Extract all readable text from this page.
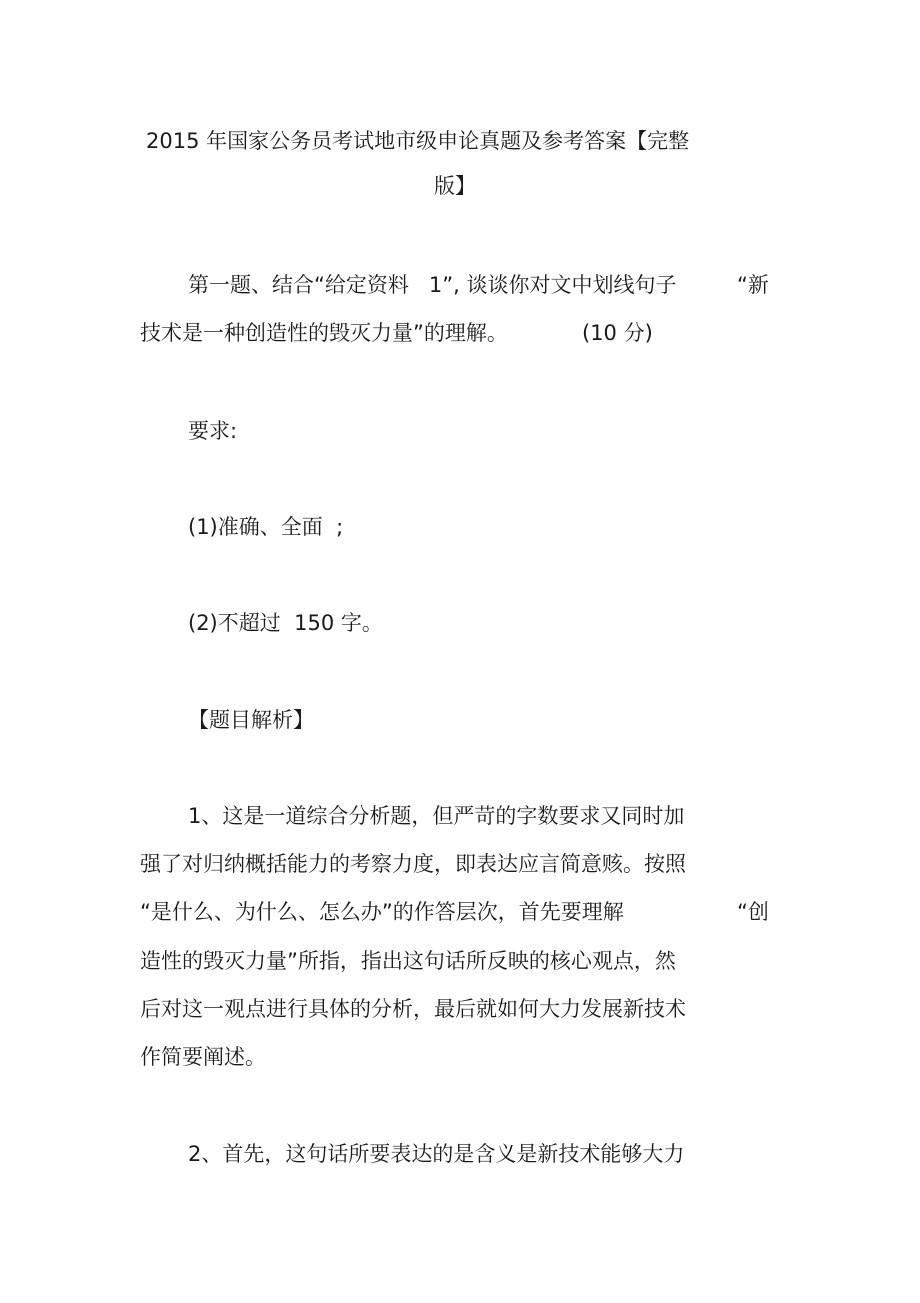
2015 年国家公务员考试地市级申论真题及参考答案【完整
版】
第一题、结合“给定资料   1”, 谈谈你对文中划线句子	“新
技术是一种创造性的毁灭力量”的理解。	(10 分)
要求:
(1)准确、全面  ;
(2)不超过  150 字。
【题目解析】
1、这是一道综合分析题，但严苛的字数要求又同时加
强了对归纳概括能力的考察力度，即表达应言简意赅。按照
“是什么、为什么、怎么办”的作答层次，首先要理解	“创
造性的毁灭力量”所指，指出这句话所反映的核心观点，然
后对这一观点进行具体的分析，最后就如何大力发展新技术
作简要阐述。
2、首先，这句话所要表达的是含义是新技术能够大力
